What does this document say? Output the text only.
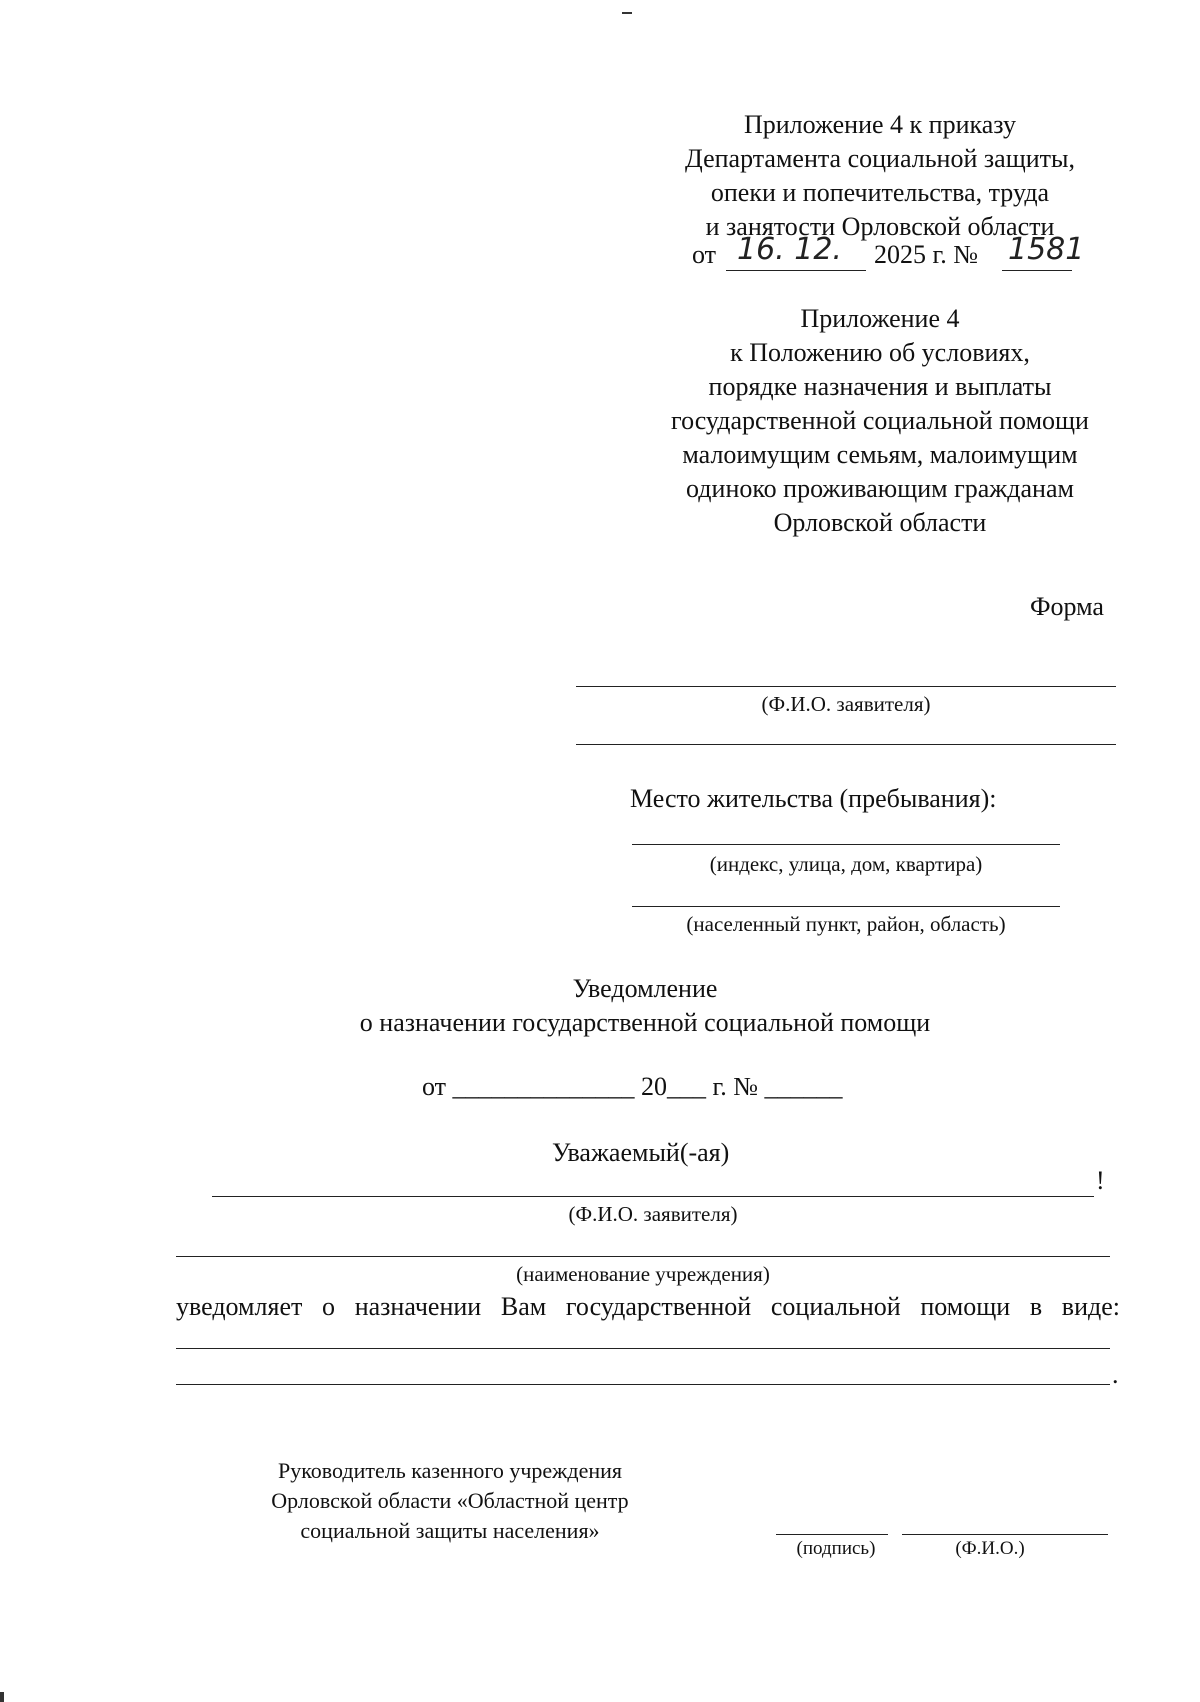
Приложение 4 к приказу
Департамента социальной защиты,
опеки и попечительства, труда
и занятости Орловской области
от 16. 12. 2025 г. № 1581
Приложение 4
к Положению об условиях,
порядке назначения и выплаты
государственной социальной помощи
малоимущим семьям, малоимущим
одиноко проживающим гражданам
Орловской области
Форма
(Ф.И.О. заявителя)
Место жительства (пребывания):
(индекс, улица, дом, квартира)
(населенный пункт, район, область)
Уведомление
о назначении государственной социальной помощи
от ______________ 20___ г. № ______
Уважаемый(-ая)
!
(Ф.И.О. заявителя)
(наименование учреждения)
уведомляет о назначении Вам государственной социальной помощи в виде:
.
Руководитель казенного учреждения
Орловской области «Областной центр
социальной защиты населения»
(подпись)	(Ф.И.О.)
